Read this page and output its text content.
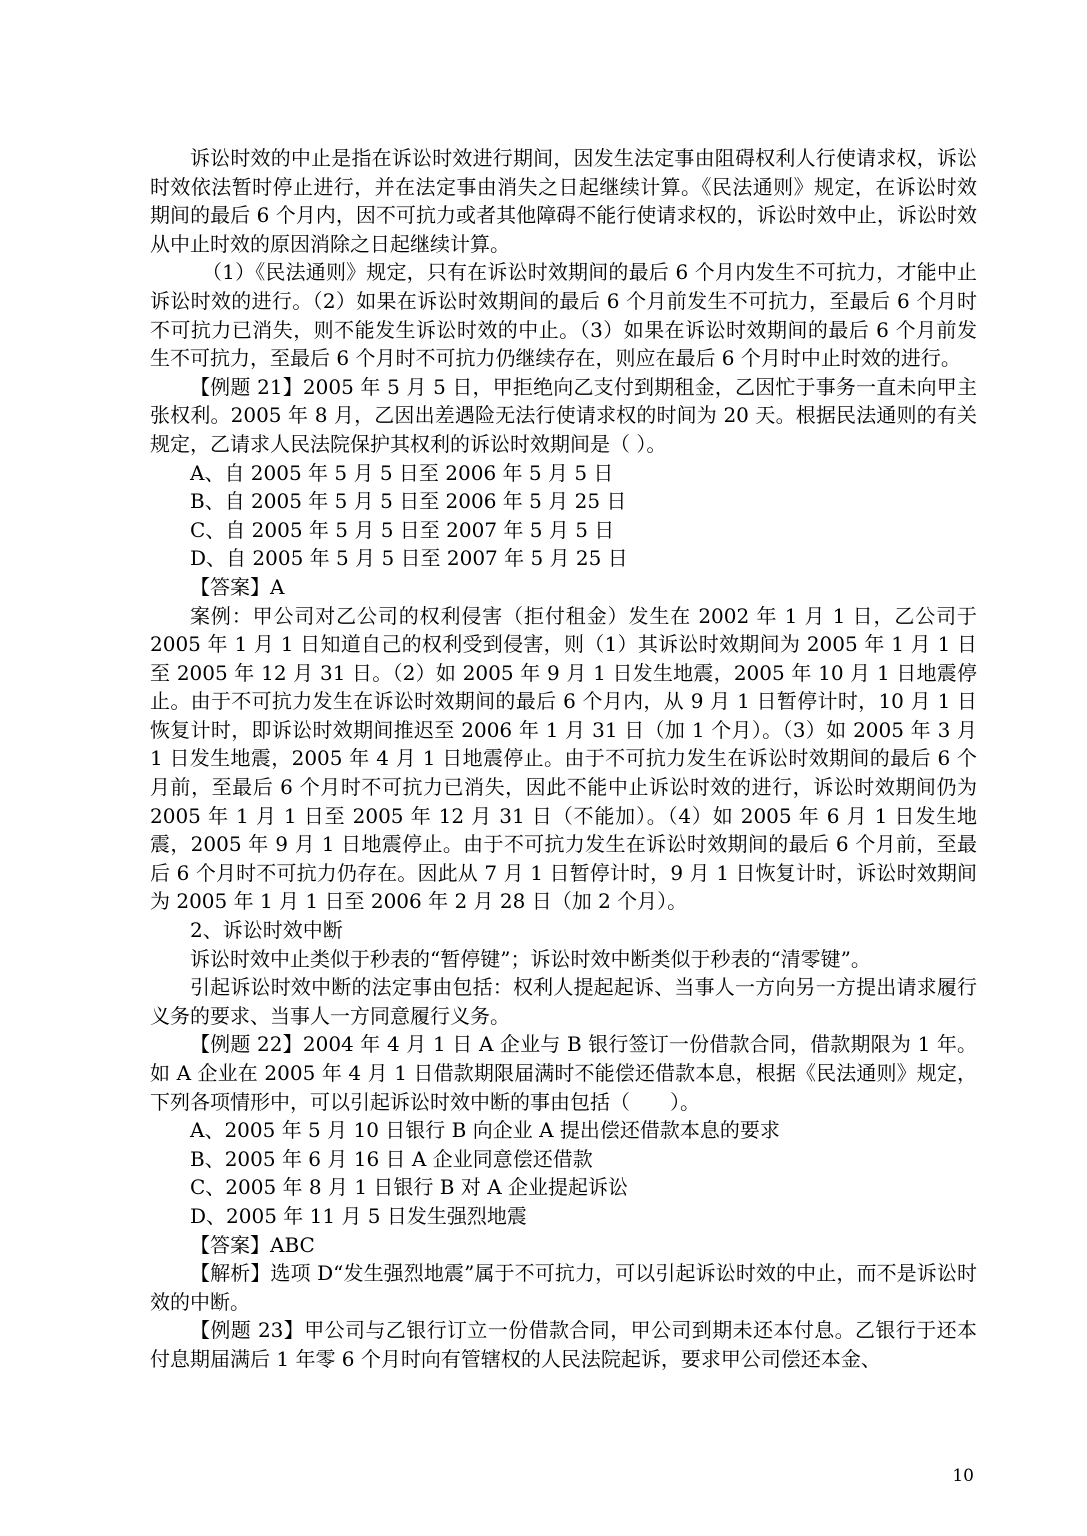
诉讼时效的中止是指在诉讼时效进行期间，因发生法定事由阻碍权利人行使请求权，诉讼时效依法暂时停止进行，并在法定事由消失之日起继续计算。《民法通则》规定，在诉讼时效期间的最后 6 个月内，因不可抗力或者其他障碍不能行使请求权的，诉讼时效中止，诉讼时效从中止时效的原因消除之日起继续计算。

（1）《民法通则》规定，只有在诉讼时效期间的最后 6 个月内发生不可抗力，才能中止诉讼时效的进行。（2）如果在诉讼时效期间的最后 6 个月前发生不可抗力，至最后 6 个月时不可抗力已消失，则不能发生诉讼时效的中止。（3）如果在诉讼时效期间的最后 6 个月前发生不可抗力，至最后 6 个月时不可抗力仍继续存在，则应在最后 6 个月时中止时效的进行。

【例题 21】2005 年 5 月 5 日，甲拒绝向乙支付到期租金，乙因忙于事务一直未向甲主张权利。2005 年 8 月，乙因出差遇险无法行使请求权的时间为 20 天。根据民法通则的有关规定，乙请求人民法院保护其权利的诉讼时效期间是（ ）。

A、自 2005 年 5 月 5 日至 2006 年 5 月 5 日

B、自 2005 年 5 月 5 日至 2006 年 5 月 25 日

C、自 2005 年 5 月 5 日至 2007 年 5 月 5 日

D、自 2005 年 5 月 5 日至 2007 年 5 月 25 日

【答案】A

案例：甲公司对乙公司的权利侵害（拒付租金）发生在 2002 年 1 月 1 日，乙公司于 2005 年 1 月 1 日知道自己的权利受到侵害，则（1）其诉讼时效期间为 2005 年 1 月 1 日至 2005 年 12 月 31 日。（2）如 2005 年 9 月 1 日发生地震，2005 年 10 月 1 日地震停止。由于不可抗力发生在诉讼时效期间的最后 6 个月内，从 9 月 1 日暂停计时，10 月 1 日恢复计时，即诉讼时效期间推迟至 2006 年 1 月 31 日（加 1 个月）。（3）如 2005 年 3 月 1 日发生地震，2005 年 4 月 1 日地震停止。由于不可抗力发生在诉讼时效期间的最后 6 个月前，至最后 6 个月时不可抗力已消失，因此不能中止诉讼时效的进行，诉讼时效期间仍为 2005 年 1 月 1 日至 2005 年 12 月 31 日（不能加）。（4）如 2005 年 6 月 1 日发生地震，2005 年 9 月 1 日地震停止。由于不可抗力发生在诉讼时效期间的最后 6 个月前，至最后 6 个月时不可抗力仍存在。因此从 7 月 1 日暂停计时，9 月 1 日恢复计时，诉讼时效期间为 2005 年 1 月 1 日至 2006 年 2 月 28 日（加 2 个月）。

2、诉讼时效中断

诉讼时效中止类似于秒表的“暂停键”；诉讼时效中断类似于秒表的“清零键”。

引起诉讼时效中断的法定事由包括：权利人提起起诉、当事人一方向另一方提出请求履行义务的要求、当事人一方同意履行义务。

【例题 22】2004 年 4 月 1 日 A 企业与 B 银行签订一份借款合同，借款期限为 1 年。如 A 企业在 2005 年 4 月 1 日借款期限届满时不能偿还借款本息，根据《民法通则》规定，下列各项情形中，可以引起诉讼时效中断的事由包括（　　）。

A、2005 年 5 月 10 日银行 B 向企业 A 提出偿还借款本息的要求

B、2005 年 6 月 16 日 A 企业同意偿还借款

C、2005 年 8 月 1 日银行 B 对 A 企业提起诉讼

D、2005 年 11 月 5 日发生强烈地震

【答案】ABC

【解析】选项 D“发生强烈地震”属于不可抗力，可以引起诉讼时效的中止，而不是诉讼时效的中断。

【例题 23】甲公司与乙银行订立一份借款合同，甲公司到期未还本付息。乙银行于还本付息期届满后 1 年零 6 个月时向有管辖权的人民法院起诉，要求甲公司偿还本金、

10
